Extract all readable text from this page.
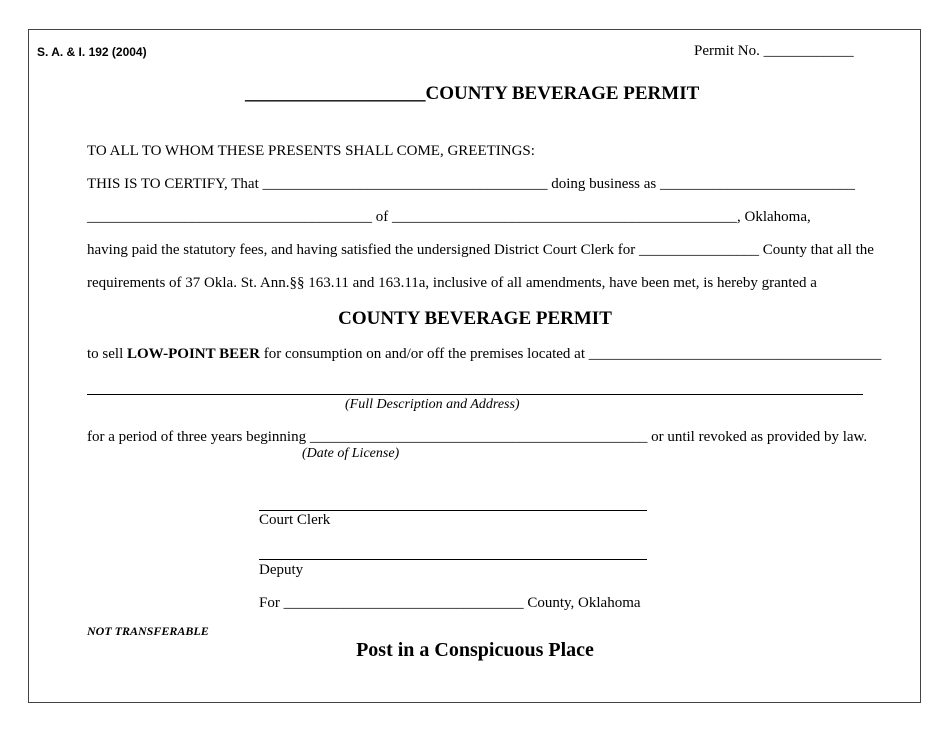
S. A. & I. 192 (2004)	Permit No. ____________
___________________COUNTY BEVERAGE PERMIT
TO ALL TO WHOM THESE PRESENTS SHALL COME, GREETINGS:
THIS IS TO CERTIFY, That ______________________________________ doing business as __________________________
______________________________________ of ______________________________________________, Oklahoma,
having paid the statutory fees, and having satisfied the undersigned District Court Clerk for ________________ County that all the
requirements of 37 Okla. St. Ann.§§ 163.11 and 163.11a, inclusive of all amendments, have been met, is hereby granted a
COUNTY BEVERAGE PERMIT
to sell LOW-POINT BEER for consumption on and/or off the premises located at _______________________________________
(Full Description and Address)
for a period of three years beginning _____________________________________________ or until revoked as provided by law.
(Date of License)
Court Clerk
Deputy
For ________________________________ County, Oklahoma
NOT TRANSFERABLE
Post in a Conspicuous Place
